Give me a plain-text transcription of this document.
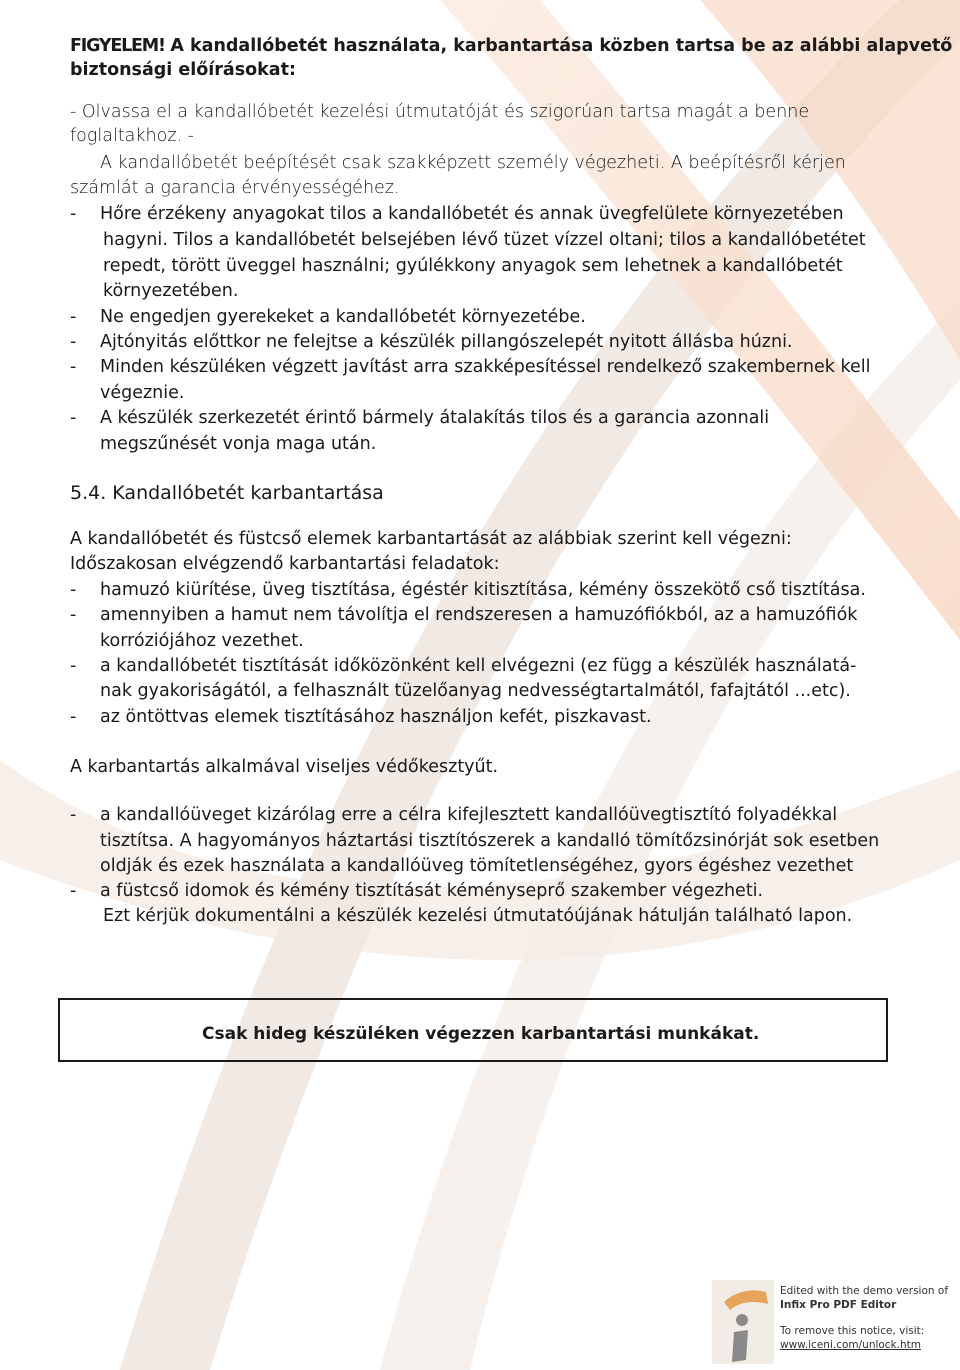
FIGYELEM! A kandallóbetét használata, karbantartása közben tartsa be az alábbi alapvető
biztonsági előírásokat:
- Olvassa el a kandallóbetét kezelési útmutatóját és szigorúan tartsa magát a benne
foglaltakhoz. -
A kandallóbetét beépítését csak szakképzett személy végezheti. A beépítésről kérjen
számlát a garancia érvényességéhez.
- Hőre érzékeny anyagokat tilos a kandallóbetét és annak üvegfelülete környezetében
hagyni. Tilos a kandallóbetét belsejében lévő tüzet vízzel oltani; tilos a kandallóbetétet
repedt, törött üveggel használni; gyúlékkony anyagok sem lehetnek a kandallóbetét
környezetében.
- Ne engedjen gyerekeket a kandallóbetét környezetébe.
- Ajtónyitás előttkor ne felejtse a készülék pillangószelepét nyitott állásba húzni.
- Minden készüléken végzett javítást arra szakképesítéssel rendelkező szakembernek kell
végeznie.
- A készülék szerkezetét érintő bármely átalakítás tilos és a garancia azonnali
megszűnését vonja maga után.
5.4. Kandallóbetét karbantartása
A kandallóbetét és füstcső elemek karbantartását az alábbiak szerint kell végezni:
Időszakosan elvégzendő karbantartási feladatok:
- hamuzó kiürítése, üveg tisztítása, égéstér kitisztítása, kémény összekötő cső tisztítása.
- amennyiben a hamut nem távolítja el rendszeresen a hamuzófiókból, az a hamuzófiók
korróziójához vezethet.
- a kandallóbetét tisztítását időközönként kell elvégezni (ez függ a készülék használatá-
nak gyakoriságától, a felhasznált tüzelőanyag nedvességtartalmától, fafajtától ...etc).
- az öntöttvas elemek tisztításához használjon kefét, piszkavast.
A karbantartás alkalmával viseljes védőkesztyűt.
- a kandallóüveget kizárólag erre a célra kifejlesztett kandallóüvegtisztító folyadékkal
tisztítsa. A hagyományos háztartási tisztítószerek a kandalló tömítőzsinórját sok esetben
oldják és ezek használata a kandallóüveg tömítetlenségéhez, gyors égéshez vezethet
- a füstcső idomok és kémény tisztítását kéményseprő szakember végezheti.
Ezt kérjük dokumentálni a készülék kezelési útmutatóújának hátulján található lapon.
Csak hideg készüléken végezzen karbantartási munkákat.
Edited with the demo version of
Infix Pro PDF Editor
To remove this notice, visit:
www.iceni.com/unlock.htm
